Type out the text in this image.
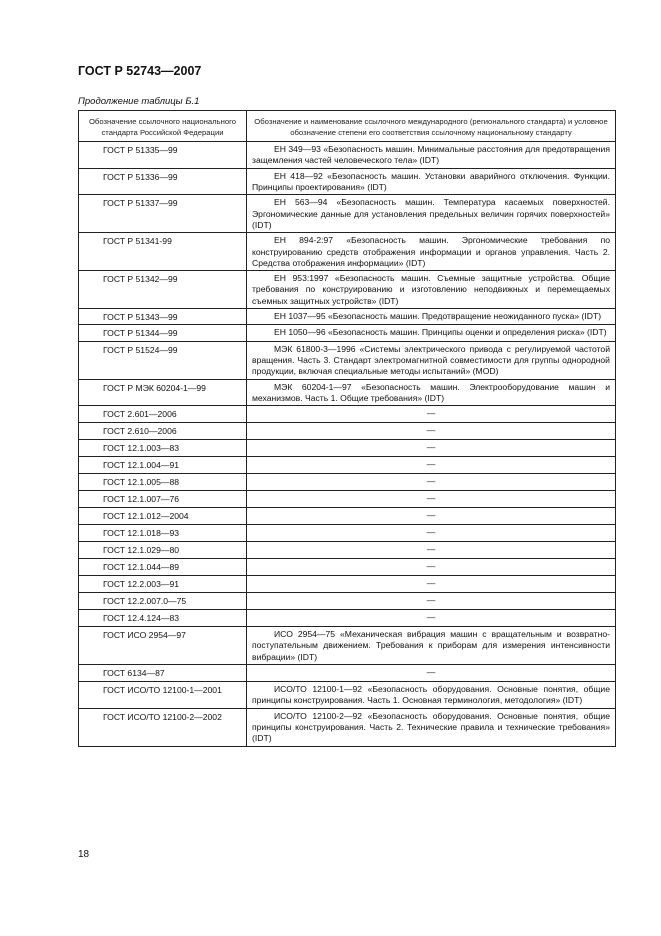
ГОСТ Р 52743—2007
Продолжение таблицы Б.1
Обозначение ссылочного национального стандарта Российской Федерации	Обозначение и наименование ссылочного международного (регионального стандарта) и условное обозначение степени его соответствия ссылочному национальному стандарту
ГОСТ Р 51335—99	ЕН 349—93 «Безопасность машин. Минимальные расстояния для предотвращения защемления частей человеческого тела» (IDT)
ГОСТ Р 51336—99	ЕН 418—92 «Безопасность машин. Установки аварийного отключения. Функции. Принципы проектирования» (IDT)
ГОСТ Р 51337—99	ЕН 563—94 «Безопасность машин. Температура касаемых поверхностей. Эргономические данные для установления предельных величин горячих поверхностей» (IDT)
ГОСТ Р 51341-99	ЕН 894-2:97 «Безопасность машин. Эргономические требования по конструированию средств отображения информации и органов управления. Часть 2. Средства отображения информации» (IDT)
ГОСТ Р 51342—99	ЕН 953:1997 «Безопасность машин. Съемные защитные устройства. Общие требования по конструированию и изготовлению неподвижных и перемещаемых съемных защитных устройств» (IDT)
ГОСТ Р 51343—99	ЕН 1037—95 «Безопасность машин. Предотвращение неожиданного пуска» (IDT)
ГОСТ Р 51344—99	ЕН 1050—96 «Безопасность машин. Принципы оценки и определения риска» (IDT)
ГОСТ Р 51524—99	МЭК 61800-3—1996 «Системы электрического привода с регулируемой частотой вращения. Часть 3. Стандарт электромагнитной совместимости для группы однородной продукции, включая специальные методы испытаний» (MOD)
ГОСТ Р МЭК 60204-1—99	МЭК 60204-1—97 «Безопасность машин. Электрооборудование машин и механизмов. Часть 1. Общие требования» (IDT)
ГОСТ 2.601—2006	—
ГОСТ 2.610—2006	—
ГОСТ 12.1.003—83	—
ГОСТ 12.1.004—91	—
ГОСТ 12.1.005—88	—
ГОСТ 12.1.007—76	—
ГОСТ 12.1.012—2004	—
ГОСТ 12.1.018—93	—
ГОСТ 12.1.029—80	—
ГОСТ 12.1.044—89	—
ГОСТ 12.2.003—91	—
ГОСТ 12.2.007.0—75	—
ГОСТ 12.4.124—83	—
ГОСТ ИСО 2954—97	ИСО 2954—75 «Механическая вибрация машин с вращательным и возвратно-поступательным движением. Требования к приборам для измерения интенсивности вибрации» (IDT)
ГОСТ 6134—87	—
ГОСТ ИСО/ТО 12100-1—2001	ИСО/ТО 12100-1—92 «Безопасность оборудования. Основные понятия, общие принципы конструирования. Часть 1. Основная терминология, методология» (IDT)
ГОСТ ИСО/ТО 12100-2—2002	ИСО/ТО 12100-2—92 «Безопасность оборудования. Основные понятия, общие принципы конструирования. Часть 2. Технические правила и технические требования» (IDT)
18
